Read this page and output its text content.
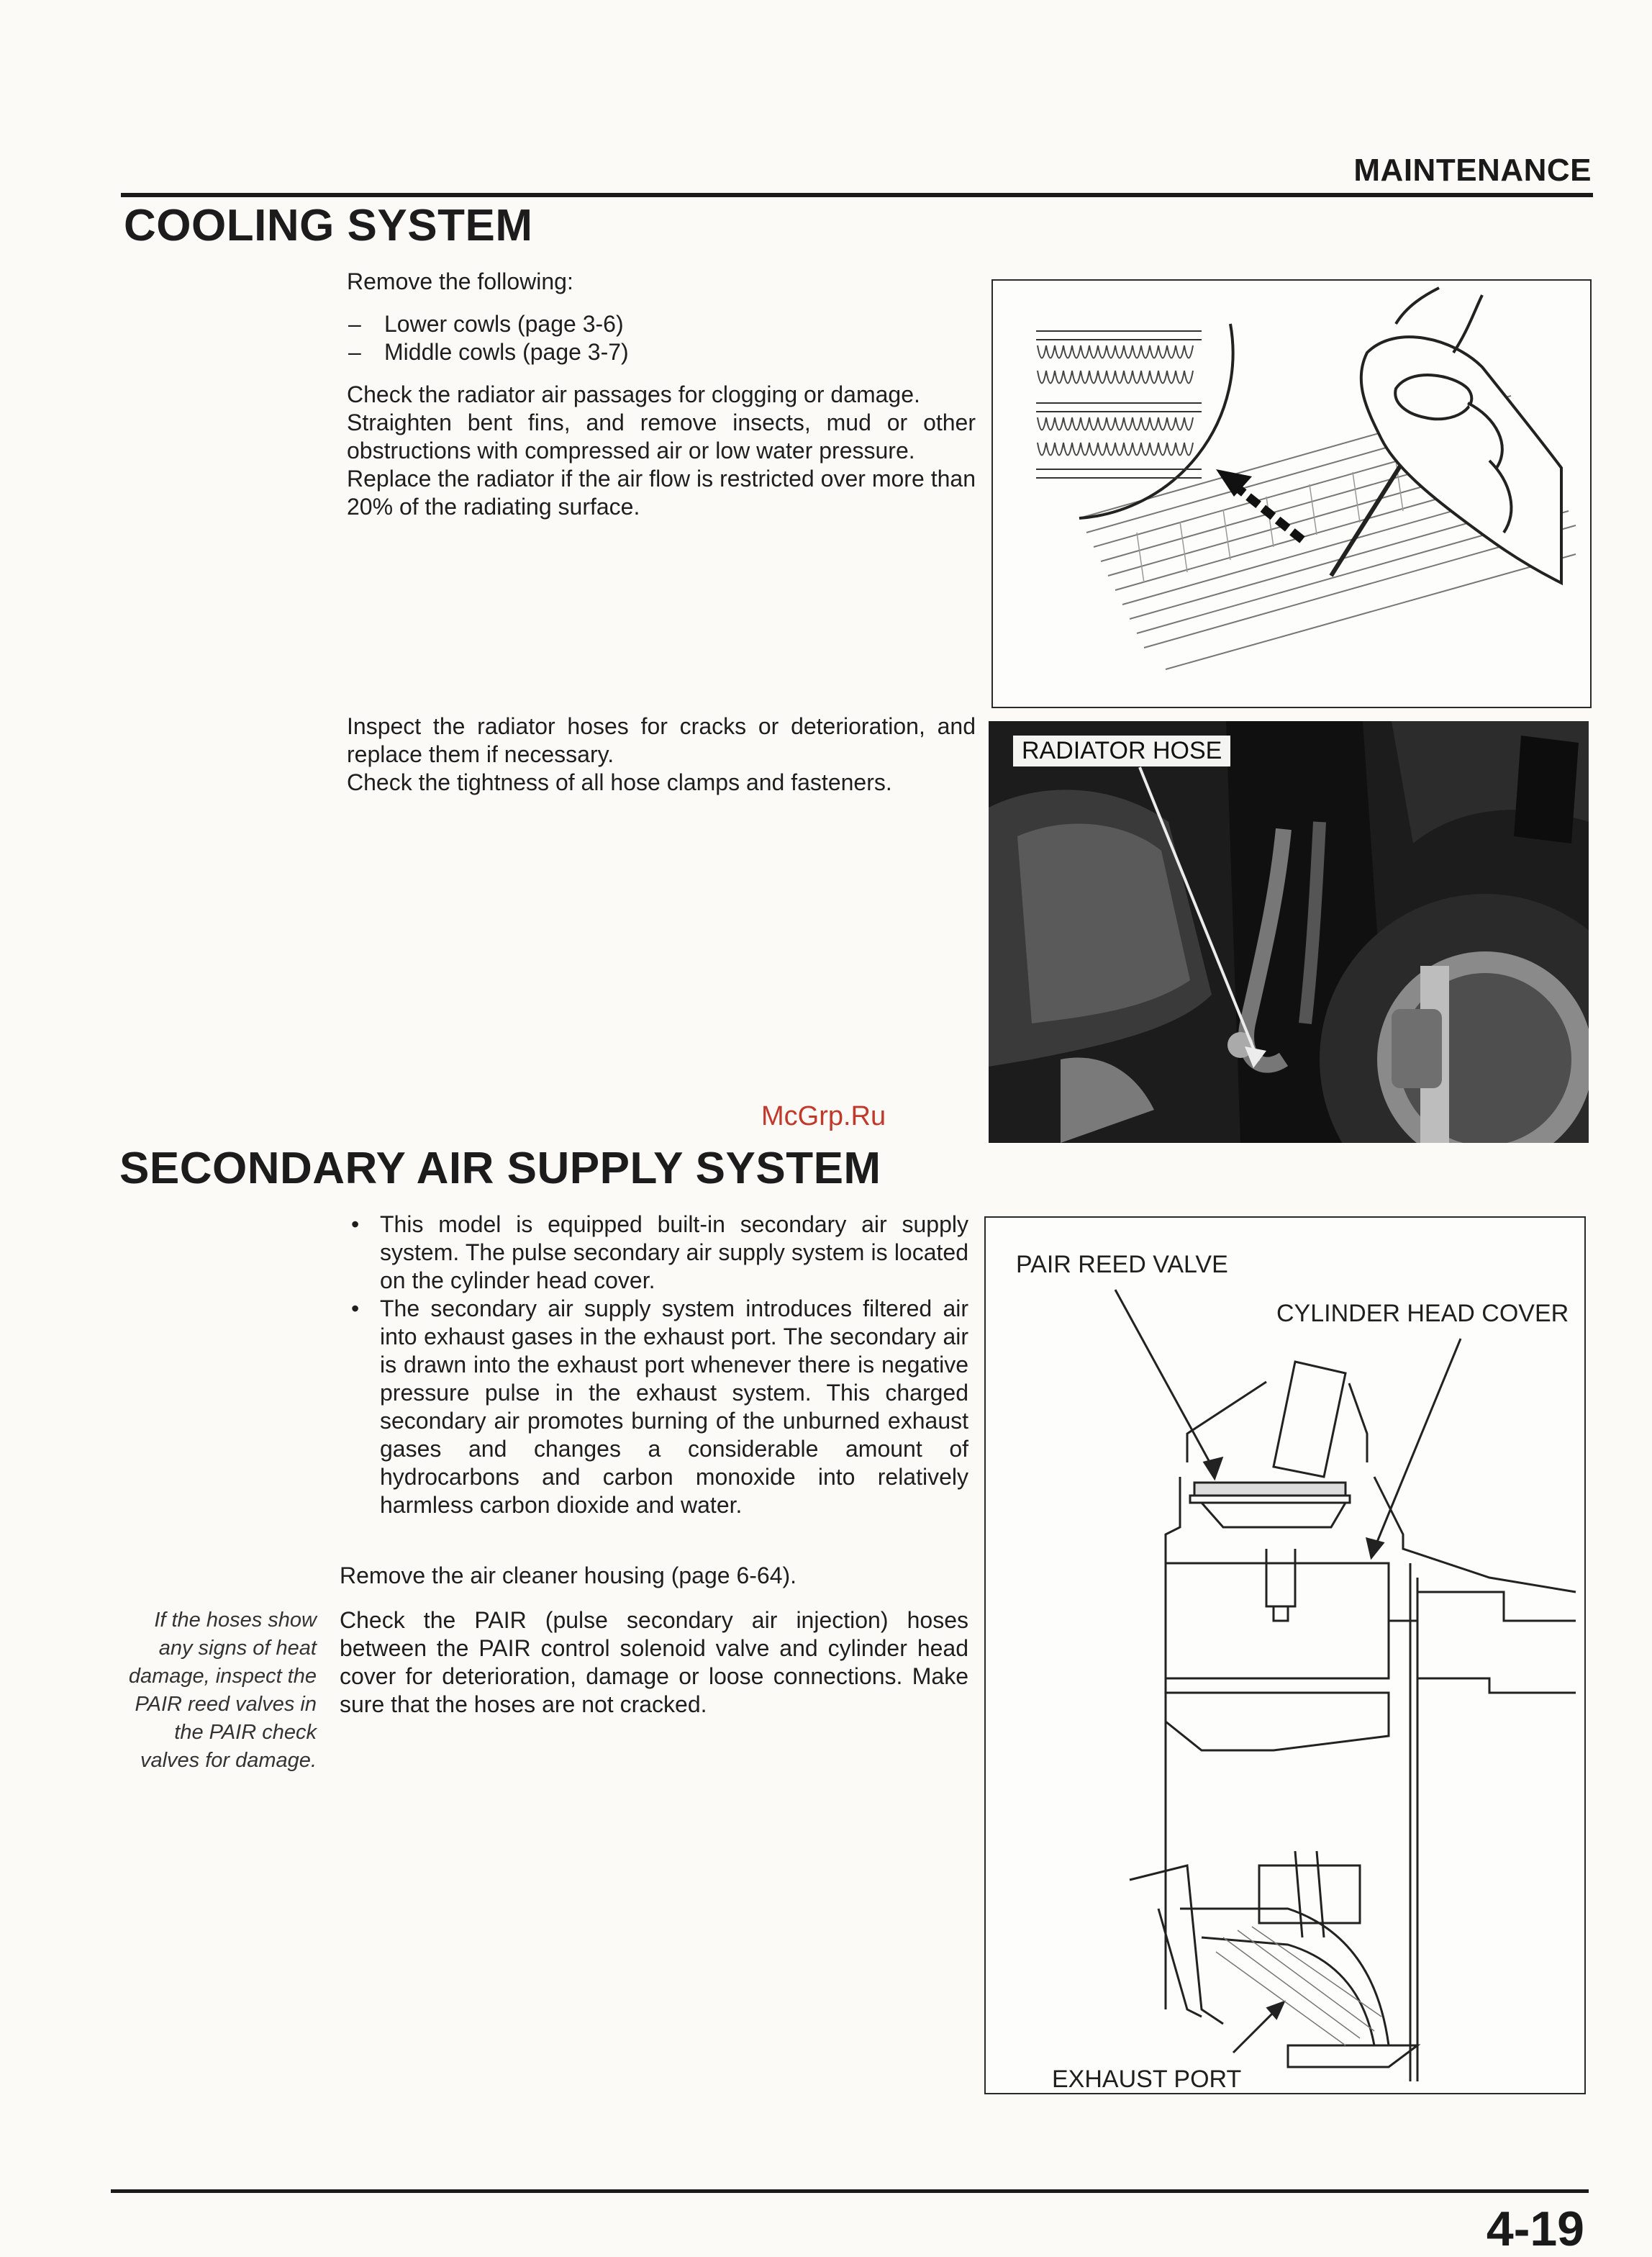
MAINTENANCE
COOLING SYSTEM

Remove the following:

– Lower cowls (page 3-6)
– Middle cowls (page 3-7)

Check the radiator air passages for clogging or damage.

Straighten bent fins, and remove insects, mud or other obstructions with compressed air or low water pressure.

Replace the radiator if the air flow is restricted over more than 20% of the radiating surface.

Inspect the radiator hoses for cracks or deterioration, and replace them if necessary.

Check the tightness of all hose clamps and fasteners.

RADIATOR HOSE
McGrp.Ru
SECONDARY AIR SUPPLY SYSTEM
• This model is equipped built-in secondary air supply system. The pulse secondary air supply system is located on the cylinder head cover.
• The secondary air supply system introduces filtered air into exhaust gases in the exhaust port. The secondary air is drawn into the exhaust port whenever there is negative pressure pulse in the exhaust system. This charged secondary air promotes burning of the unburned exhaust gases and changes a considerable amount of hydrocarbons and carbon monoxide into relatively harmless carbon dioxide and water.
Remove the air cleaner housing (page 6-64).
Check the PAIR (pulse secondary air injection) hoses between the PAIR control solenoid valve and cylinder head cover for deterioration, damage or loose connections. Make sure that the hoses are not cracked.
If the hoses show any signs of heat damage, inspect the PAIR reed valves in the PAIR check valves for damage.
PAIR REED VALVE
CYLINDER HEAD COVER
EXHAUST PORT
4-19
